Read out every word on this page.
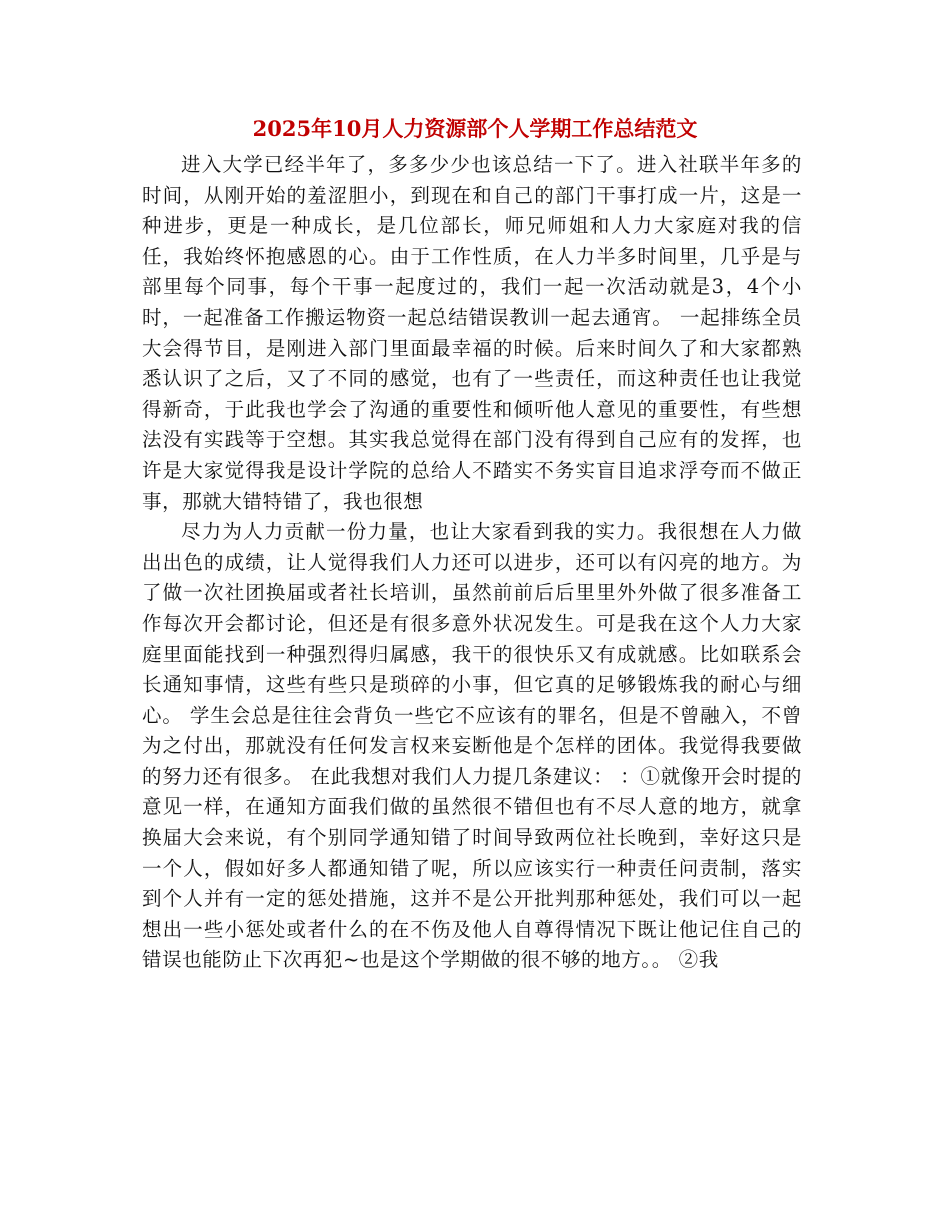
2025年10月人力资源部个人学期工作总结范文

进入大学已经半年了，多多少少也该总结一下了。进入社联半年多的时间，从刚开始的羞涩胆小，到现在和自己的部门干事打成一片，这是一种进步，更是一种成长，是几位部长，师兄师姐和人力大家庭对我的信任，我始终怀抱感恩的心。由于工作性质，在人力半多时间里，几乎是与部里每个同事，每个干事一起度过的，我们一起一次活动就是3，4个小时，一起准备工作搬运物资一起总结错误教训一起去通宵。 一起排练全员大会得节目，是刚进入部门里面最幸福的时候。后来时间久了和大家都熟悉认识了之后，又了不同的感觉，也有了一些责任，而这种责任也让我觉得新奇，于此我也学会了沟通的重要性和倾听他人意见的重要性，有些想法没有实践等于空想。其实我总觉得在部门没有得到自己应有的发挥，也许是大家觉得我是设计学院的总给人不踏实不务实盲目追求浮夸而不做正事，那就大错特错了，我也很想

尽力为人力贡献一份力量，也让大家看到我的实力。我很想在人力做出出色的成绩，让人觉得我们人力还可以进步，还可以有闪亮的地方。为了做一次社团换届或者社长培训，虽然前前后后里里外外做了很多准备工作每次开会都讨论，但还是有很多意外状况发生。可是我在这个人力大家庭里面能找到一种强烈得归属感，我干的很快乐又有成就感。比如联系会长通知事情，这些有些只是琐碎的小事，但它真的足够锻炼我的耐心与细心。 学生会总是往往会背负一些它不应该有的罪名，但是不曾融入，不曾为之付出，那就没有任何发言权来妄断他是个怎样的团体。我觉得我要做的努力还有很多。 在此我想对我们人力提几条建议： ：①就像开会时提的意见一样，在通知方面我们做的虽然很不错但也有不尽人意的地方，就拿换届大会来说，有个别同学通知错了时间导致两位社长晚到，幸好这只是一个人，假如好多人都通知错了呢，所以应该实行一种责任问责制，落实到个人并有一定的惩处措施，这并不是公开批判那种惩处，我们可以一起想出一些小惩处或者什么的在不伤及他人自尊得情况下既让他记住自己的错误也能防止下次再犯~也是这个学期做的很不够的地方。。 ②我
